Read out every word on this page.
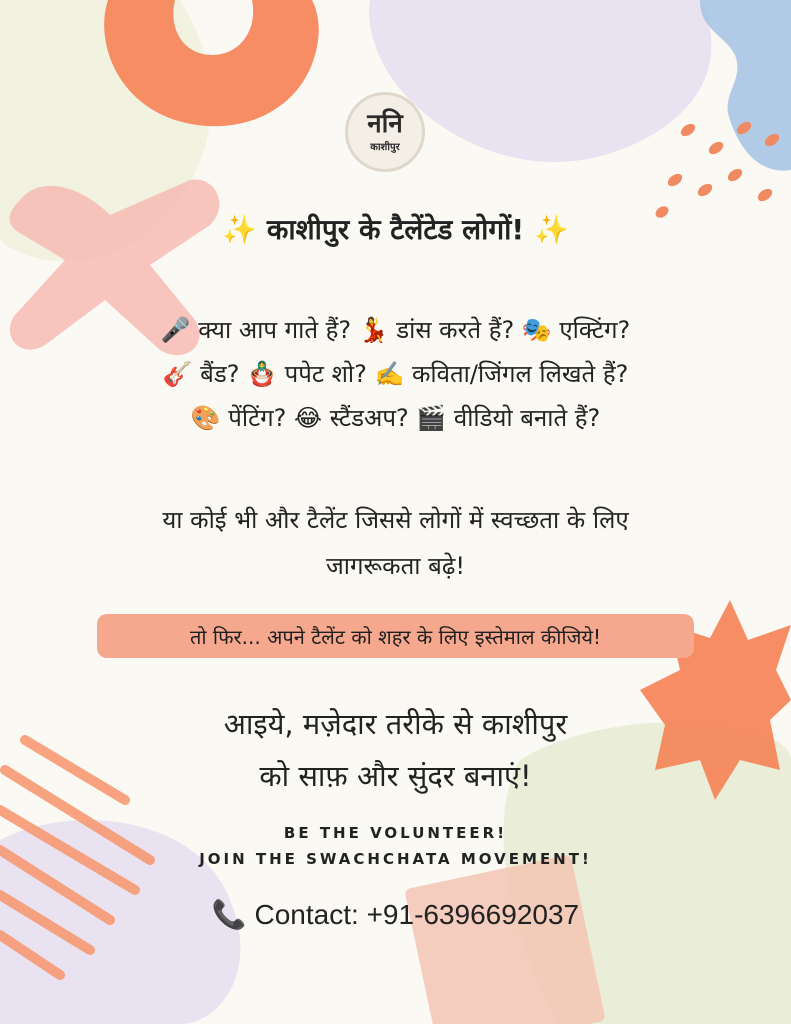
ननि
काशीपुर
✨ काशीपुर के टैलेंटेड लोगों! ✨
🎤 क्या आप गाते हैं? 💃 डांस करते हैं? 🎭 एक्टिंग?
🎸 बैंड? 🪆 पपेट शो? ✍️ कविता/जिंगल लिखते हैं?
🎨 पेंटिंग? 😂 स्टैंडअप? 🎬 वीडियो बनाते हैं?
या कोई भी और टैलेंट जिससे लोगों में स्वच्छता के लिए
जागरूकता बढ़े!
तो फिर... अपने टैलेंट को शहर के लिए इस्तेमाल कीजिये!
आइये, मज़ेदार तरीके से काशीपुर
को साफ़ और सुंदर बनाएं!
BE THE VOLUNTEER!
JOIN THE SWACHCHATA MOVEMENT!
📞 Contact: +91-6396692037
